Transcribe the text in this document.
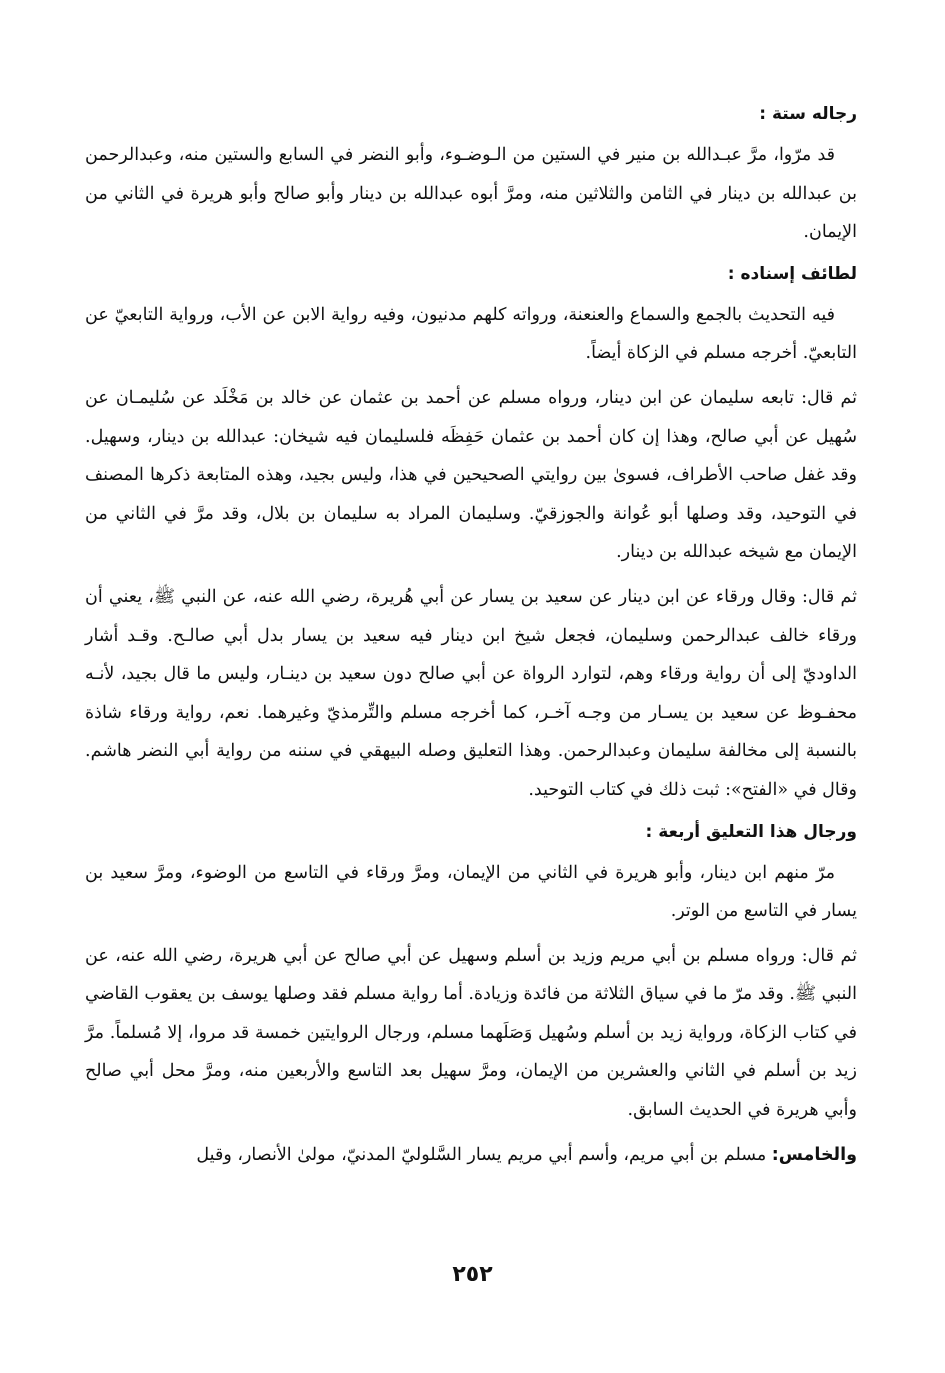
رجاله ستة :

قد مرّوا، مرَّ عبـدالله بن منير في الستين من الـوضـوء، وأبو النضر في السابع والستين منه، وعبدالرحمن بن عبدالله بن دينار في الثامن والثلاثين منه، ومرَّ أبوه عبدالله بن دينار وأبو صالح وأبو هريرة في الثاني من الإيمان.

لطائف إسناده :

فيه التحديث بالجمع والسماع والعنعنة، ورواته كلهم مدنيون، وفيه رواية الابن عن الأب، ورواية التابعيّ عن التابعيّ. أخرجه مسلم في الزكاة أيضاً.

ثم قال: تابعه سليمان عن ابن دينار، ورواه مسلم عن أحمد بن عثمان عن خالد بن مَخْلَد عن سُليمـان عن سُهيل عن أبي صالح، وهذا إن كان أحمد بن عثمان حَفِظَه فلسليمان فيه شيخان: عبدالله بن دينار، وسهيل. وقد غفل صاحب الأطراف، فسوىٰ بين روايتي الصحيحين في هذا، وليس بجيد، وهذه المتابعة ذكرها المصنف في التوحيد، وقد وصلها أبو عُوانة والجوزقيّ. وسليمان المراد به سليمان بن بلال، وقد مرَّ في الثاني من الإيمان مع شيخه عبدالله بن دينار.

ثم قال: وقال ورقاء عن ابن دينار عن سعيد بن يسار عن أبي هُريرة، رضي الله عنه، عن النبي ﷺ، يعني أن ورقاء خالف عبدالرحمن وسليمان، فجعل شيخ ابن دينار فيه سعيد بن يسار بدل أبي صالـح. وقـد أشار الداوديّ إلى أن رواية ورقاء وهم، لتوارد الرواة عن أبي صالح دون سعيد بن دينـار، وليس ما قال بجيد، لأنـه محفـوظ عن سعيد بن يسـار من وجـه آخـر، كما أخرجه مسلم والتِّرمذيّ وغيرهما. نعم، رواية ورقاء شاذة بالنسبة إلى مخالفة سليمان وعبدالرحمن. وهذا التعليق وصله البيهقي في سننه من رواية أبي النضر هاشم. وقال في «الفتح»: ثبت ذلك في كتاب التوحيد.

ورجال هذا التعليق أربعة :

مرّ منهم ابن دينار، وأبو هريرة في الثاني من الإيمان، ومرَّ ورقاء في التاسع من الوضوء، ومرَّ سعيد بن يسار في التاسع من الوتر.

ثم قال: ورواه مسلم بن أبي مريم وزيد بن أسلم وسهيل عن أبي صالح عن أبي هريرة، رضي الله عنه، عن النبي ﷺ. وقد مرّ ما في سياق الثلاثة من فائدة وزيادة. أما رواية مسلم فقد وصلها يوسف بن يعقوب القاضي في كتاب الزكاة، ورواية زيد بن أسلم وسُهيل وَصَلَهما مسلم، ورجال الروايتين خمسة قد مروا، إلا مُسلماً. مرَّ زيد بن أسلم في الثاني والعشرين من الإيمان، ومرَّ سهيل بعد التاسع والأربعين منه، ومرَّ محل أبي صالح وأبي هريرة في الحديث السابق.

والخامس: مسلم بن أبي مريم، وأسم أبي مريم يسار السَّلوليّ المدنيّ، مولىٰ الأنصار، وقيل

٢٥٢
